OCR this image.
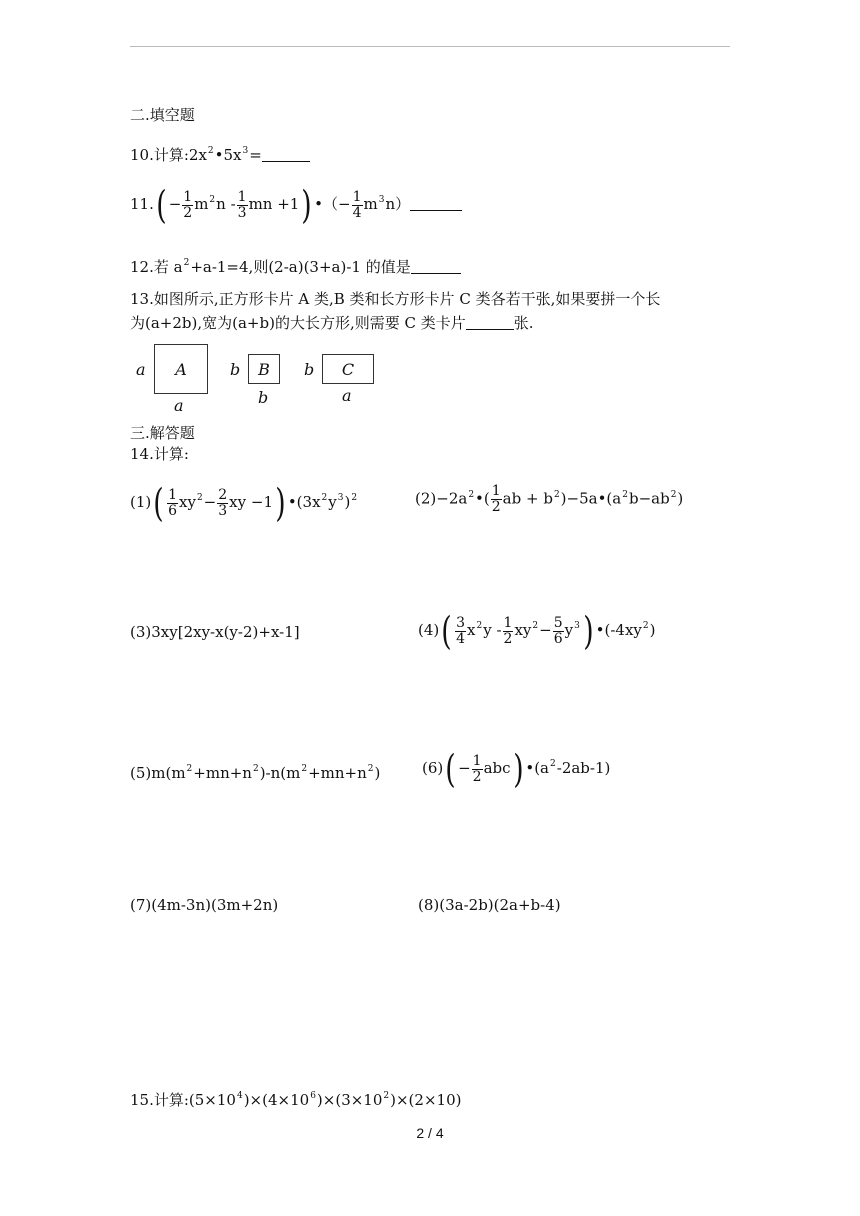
二.填空题
10.计算$:2x^2•5x^3=$
$11.( - \frac{1}{2} m^2n - \frac{1}{3}$ mn +1) •（− $\frac{1}{4} m^3n$）
12.若 $a^2+a-1=4$,则(2-a)(3+a)-1 的值是
13.如图所示,正方形卡片 A 类,B 类和长方形卡片 C 类各若干张,如果要拼一个长
为(a+2b),宽为(a+b)的大长方形,则需要 C 类卡片	张.
a A
a
b B
b
b C
a
三.解答题
14.计算:
$(1)( \frac{1}{6} xy^2- \frac{2}{3}$ xy −1) $•(3x^2y^3)^2$	$(2)-2a^2•( \frac{1}{2}$ ab + $b^2)-5a•(a^2b-ab^2)$
(3)3xy[2xy-x(y-2)+x-1]	$(4)( \frac{3}{4} x^2y - \frac{1}{2} xy^2- \frac{5}{6} y^3)$ $•(-4xy^2)$
$(5)m(m^2+mn+n^2)-n(m^2+mn+n^2)$	$(6)( - \frac{1}{2} abc)$ $•(a^2-2ab-1)$
(7)(4m-3n)(3m+2n)	(8)(3a-2b)(2a+b-4)
15.计算$:(5\times 10^4)\times(4\times 10^6)\times(3\times 10^2)\times(2\times 10)$
2 / 4
